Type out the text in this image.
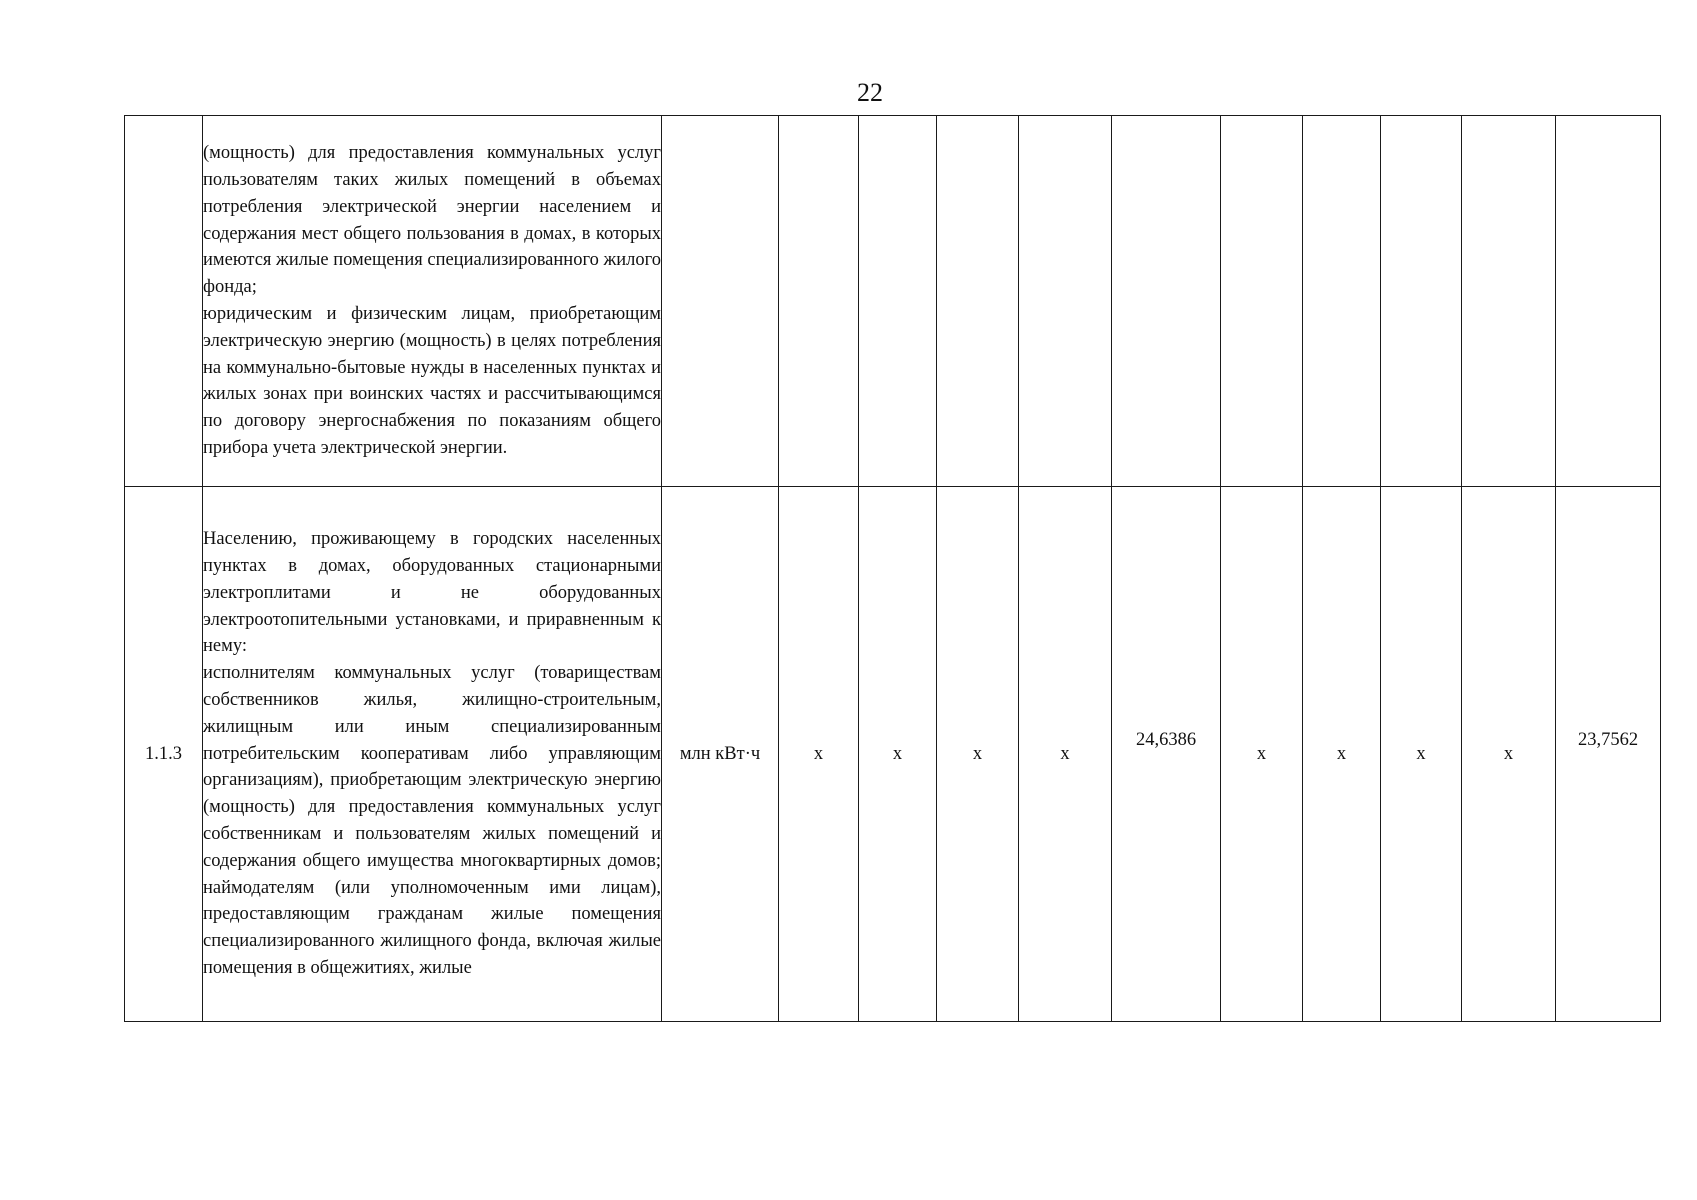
22

	(мощность) для предоставления коммунальных услуг пользователям таких жилых помещений в объемах потребления электрической энергии населением и содержания мест общего пользования в домах, в которых имеются жилые помещения специализированного жилого фонда;
юридическим и физическим лицам, приобретающим электрическую энергию (мощность) в целях потребления на коммунально-бытовые нужды в населенных пунктах и жилых зонах при воинских частях и рассчитывающимся по договору энергоснабжения по показаниям общего прибора учета электрической энергии.											

1.1.3	Населению, проживающему в городских населенных пунктах в домах, оборудованных стационарными электроплитами и не оборудованных электроотопительными установками, и приравненным к нему:
исполнителям коммунальных услуг (товариществам собственников жилья, жилищно-строительным, жилищным или иным специализированным потребительским кооперативам либо управляющим организациям), приобретающим электрическую энергию (мощность) для предоставления коммунальных услуг собственникам и пользователям жилых помещений и содержания общего имущества многоквартирных домов; наймодателям (или уполномоченным ими лицам), предоставляющим гражданам жилые помещения специализированного жилищного фонда, включая жилые помещения в общежитиях, жилые	млн кВт·ч	х	х	х	х	24,6386	х	х	х	х	23,7562
